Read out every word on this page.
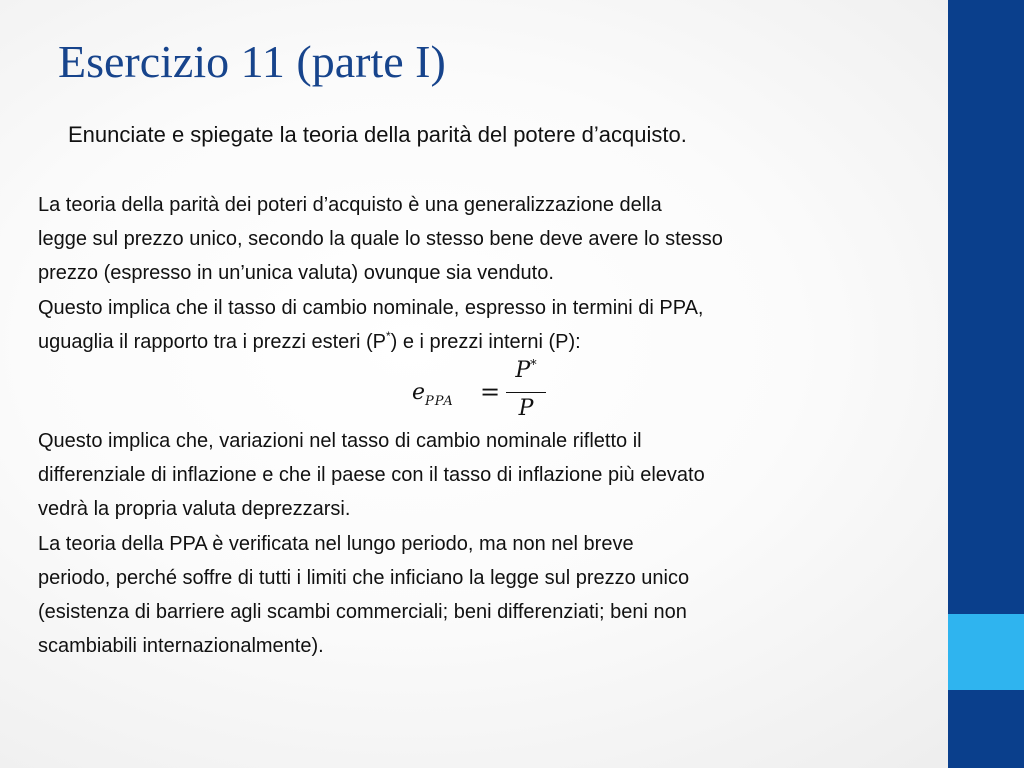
Esercizio 11 (parte I)

Enunciate e spiegate la teoria della parità del potere d’acquisto.

La teoria della parità dei poteri d’acquisto è una generalizzazione della
legge sul prezzo unico, secondo la quale lo stesso bene deve avere lo stesso
prezzo (espresso in un’unica valuta) ovunque sia venduto.
Questo implica che il tasso di cambio nominale, espresso in termini di PPA,
uguaglia il rapporto tra i prezzi esteri (P*) e i prezzi interni (P):

$e_{PPA}$ =
P*
P

Questo implica che, variazioni nel tasso di cambio nominale rifletto il
differenziale di inflazione e che il paese con il tasso di inflazione più elevato
vedrà la propria valuta deprezzarsi.
La teoria della PPA è verificata nel lungo periodo, ma non nel breve
periodo, perché soffre di tutti i limiti che inficiano la legge sul prezzo unico
(esistenza di barriere agli scambi commerciali; beni differenziati; beni non
scambiabili internazionalmente).
